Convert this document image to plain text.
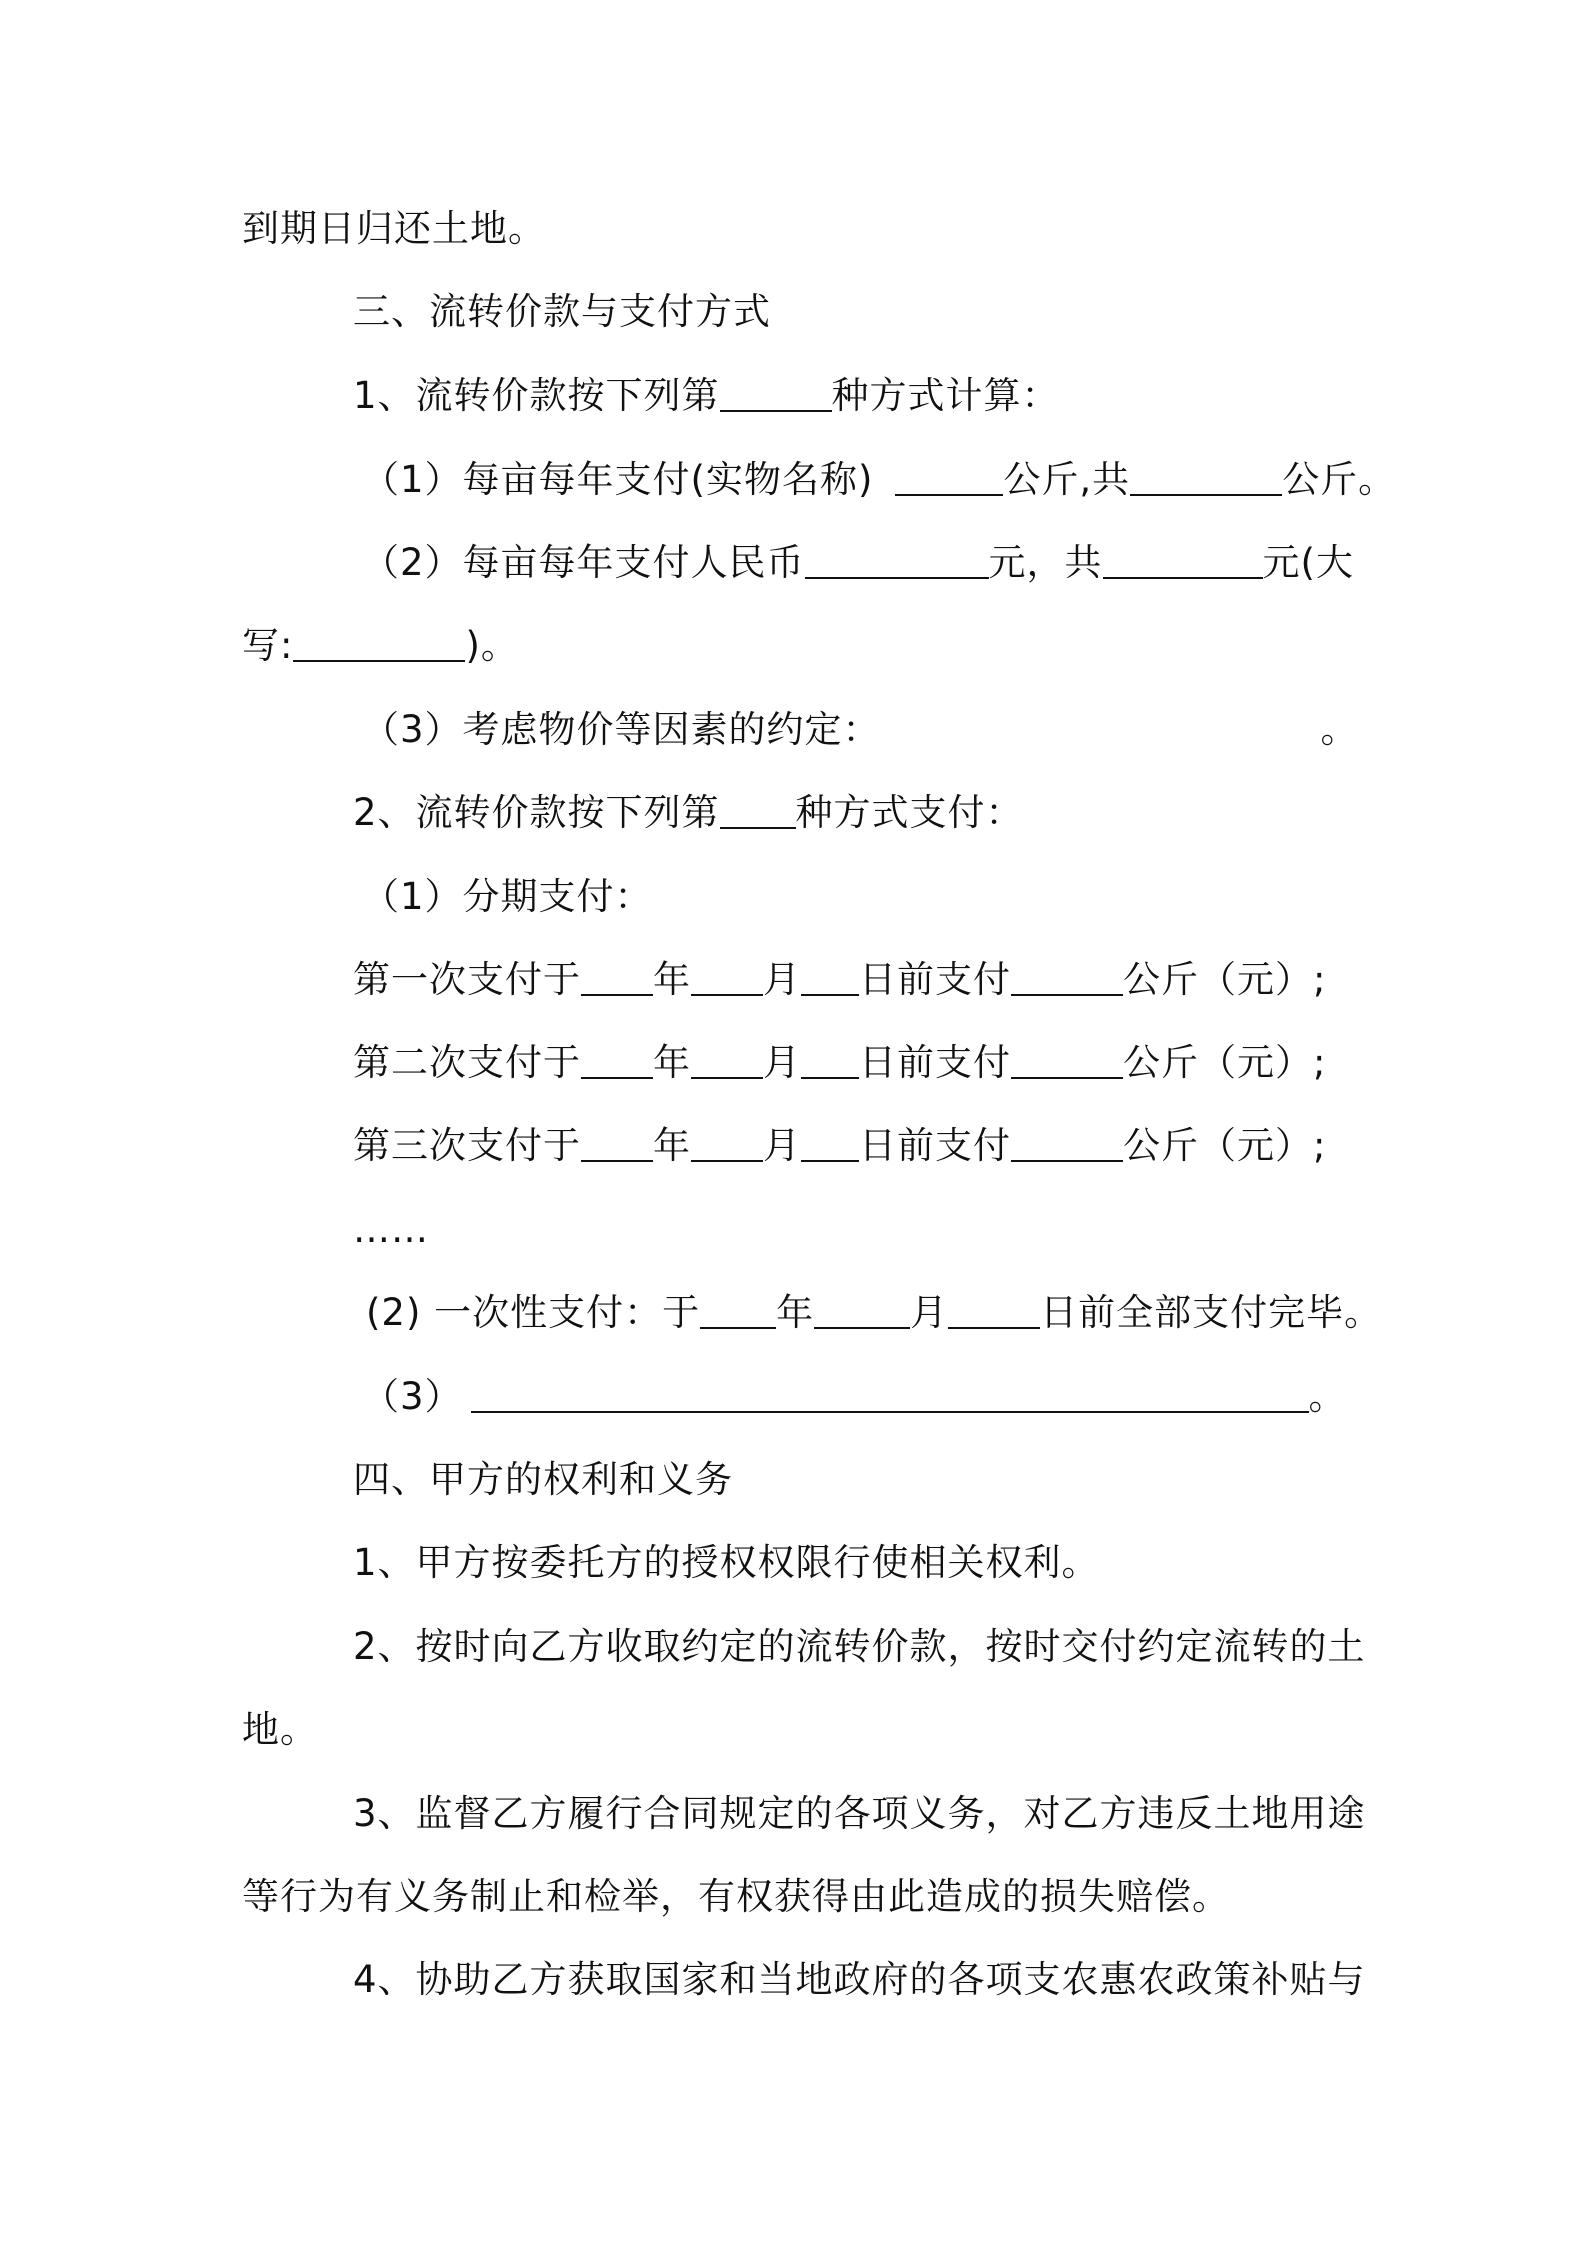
到期日归还土地。
三、流转价款与支付方式
1、流转价款按下列第	种方式计算：
（1）每亩每年支付(实物名称)	公斤,共	公斤。
（2）每亩每年支付人民币	元，共	元(大
写:	)。
（3）考虑物价等因素的约定：	。
2、流转价款按下列第 种方式支付：
（1）分期支付：
第一次支付于 年 月 日前支付	公斤（元）;
第二次支付于 年 月 日前支付	公斤（元）;
第三次支付于 年 月 日前支付	公斤（元）;
……
(2) 一次性支付：于 年	月 日前全部支付完毕。
（3）	。
四、甲方的权利和义务
1、甲方按委托方的授权权限行使相关权利。
2、按时向乙方收取约定的流转价款，按时交付约定流转的土
地。
3、监督乙方履行合同规定的各项义务，对乙方违反土地用途
等行为有义务制止和检举，有权获得由此造成的损失赔偿。
4、协助乙方获取国家和当地政府的各项支农惠农政策补贴与
